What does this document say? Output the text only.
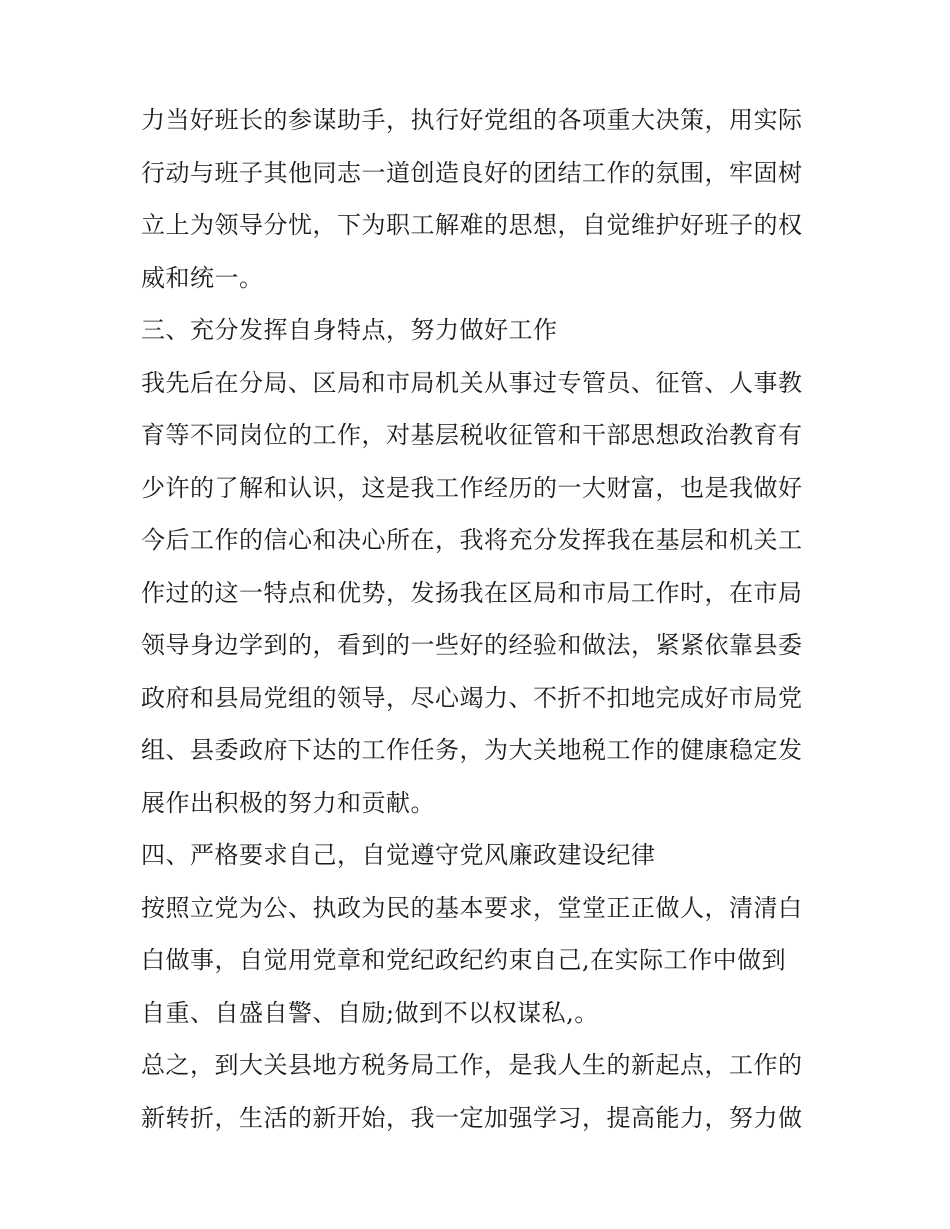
力当好班长的参谋助手，执行好党组的各项重大决策，用实际
行动与班子其他同志一道创造良好的团结工作的氛围，牢固树
立上为领导分忧，下为职工解难的思想，自觉维护好班子的权
威和统一。
三、充分发挥自身特点，努力做好工作
我先后在分局、区局和市局机关从事过专管员、征管、人事教
育等不同岗位的工作，对基层税收征管和干部思想政治教育有
少许的了解和认识，这是我工作经历的一大财富，也是我做好
今后工作的信心和决心所在，我将充分发挥我在基层和机关工
作过的这一特点和优势，发扬我在区局和市局工作时，在市局
领导身边学到的，看到的一些好的经验和做法，紧紧依靠县委
政府和县局党组的领导，尽心竭力、不折不扣地完成好市局党
组、县委政府下达的工作任务，为大关地税工作的健康稳定发
展作出积极的努力和贡献。
四、严格要求自己，自觉遵守党风廉政建设纪律
按照立党为公、执政为民的基本要求，堂堂正正做人，清清白
白做事，自觉用党章和党纪政纪约束自己,在实际工作中做到
自重、自盛自警、自励;做到不以权谋私,。
总之，到大关县地方税务局工作，是我人生的新起点，工作的
新转折，生活的新开始，我一定加强学习，提高能力，努力做
